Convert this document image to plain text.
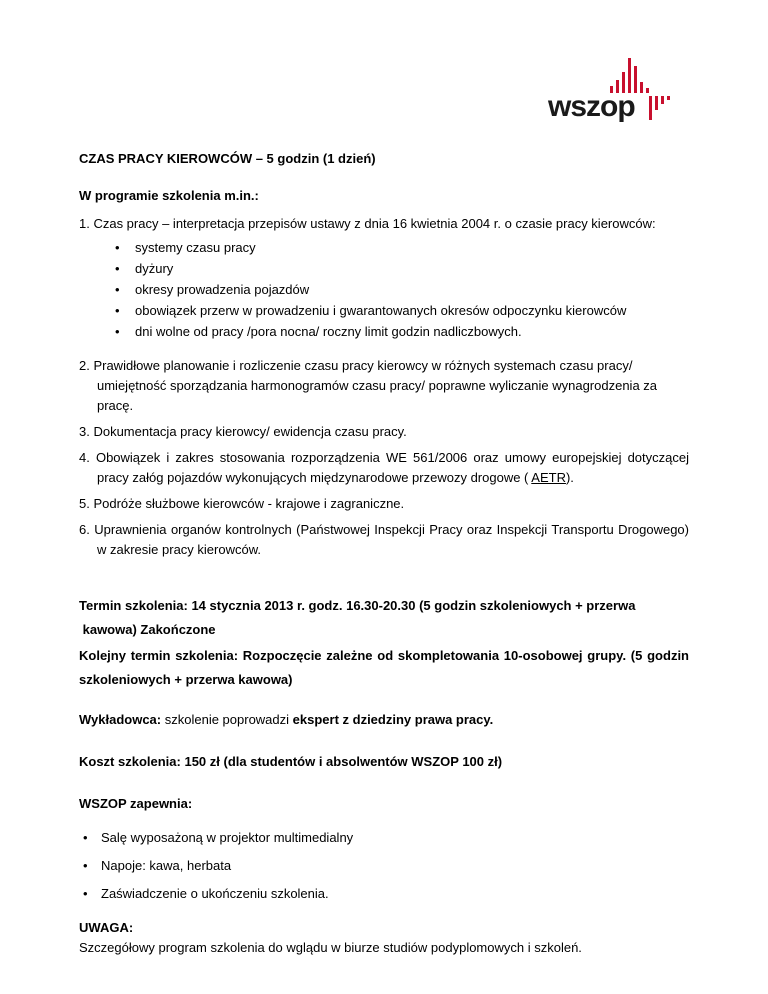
wszop

CZAS PRACY KIEROWCÓW – 5 godzin (1 dzień)

W programie szkolenia m.in.:

1. Czas pracy – interpretacja przepisów ustawy z dnia 16 kwietnia 2004 r. o czasie pracy kierowców:

• systemy czasu pracy
• dyżury
• okresy prowadzenia pojazdów
• obowiązek przerw w prowadzeniu i gwarantowanych okresów odpoczynku kierowców
• dni wolne od pracy /pora nocna/ roczny limit godzin nadliczbowych.

2. Prawidłowe planowanie i rozliczenie czasu pracy kierowcy w różnych systemach czasu pracy/ umiejętność sporządzania harmonogramów czasu pracy/ poprawne wyliczanie wynagrodzenia za pracę.

3. Dokumentacja pracy kierowcy/ ewidencja czasu pracy.

4. Obowiązek i zakres stosowania rozporządzenia WE 561/2006 oraz umowy europejskiej dotyczącej pracy załóg pojazdów wykonujących międzynarodowe przewozy drogowe ( AETR).

5. Podróże służbowe kierowców - krajowe i zagraniczne.

6. Uprawnienia organów kontrolnych (Państwowej Inspekcji Pracy oraz Inspekcji Transportu Drogowego) w zakresie pracy kierowców.

Termin szkolenia: 14 stycznia 2013 r. godz. 16.30-20.30 (5 godzin szkoleniowych + przerwa

kawowa) Zakończone

Kolejny termin szkolenia: Rozpoczęcie zależne od skompletowania 10-osobowej grupy. (5 godzin szkoleniowych + przerwa kawowa)

Wykładowca: szkolenie poprowadzi ekspert z dziedziny prawa pracy.

Koszt szkolenia: 150 zł (dla studentów i absolwentów WSZOP 100 zł)

WSZOP zapewnia:

• Salę wyposażoną w projektor multimedialny
• Napoje: kawa, herbata
• Zaświadczenie o ukończeniu szkolenia.

UWAGA:

Szczegółowy program szkolenia do wglądu w biurze studiów podyplomowych i szkoleń.
